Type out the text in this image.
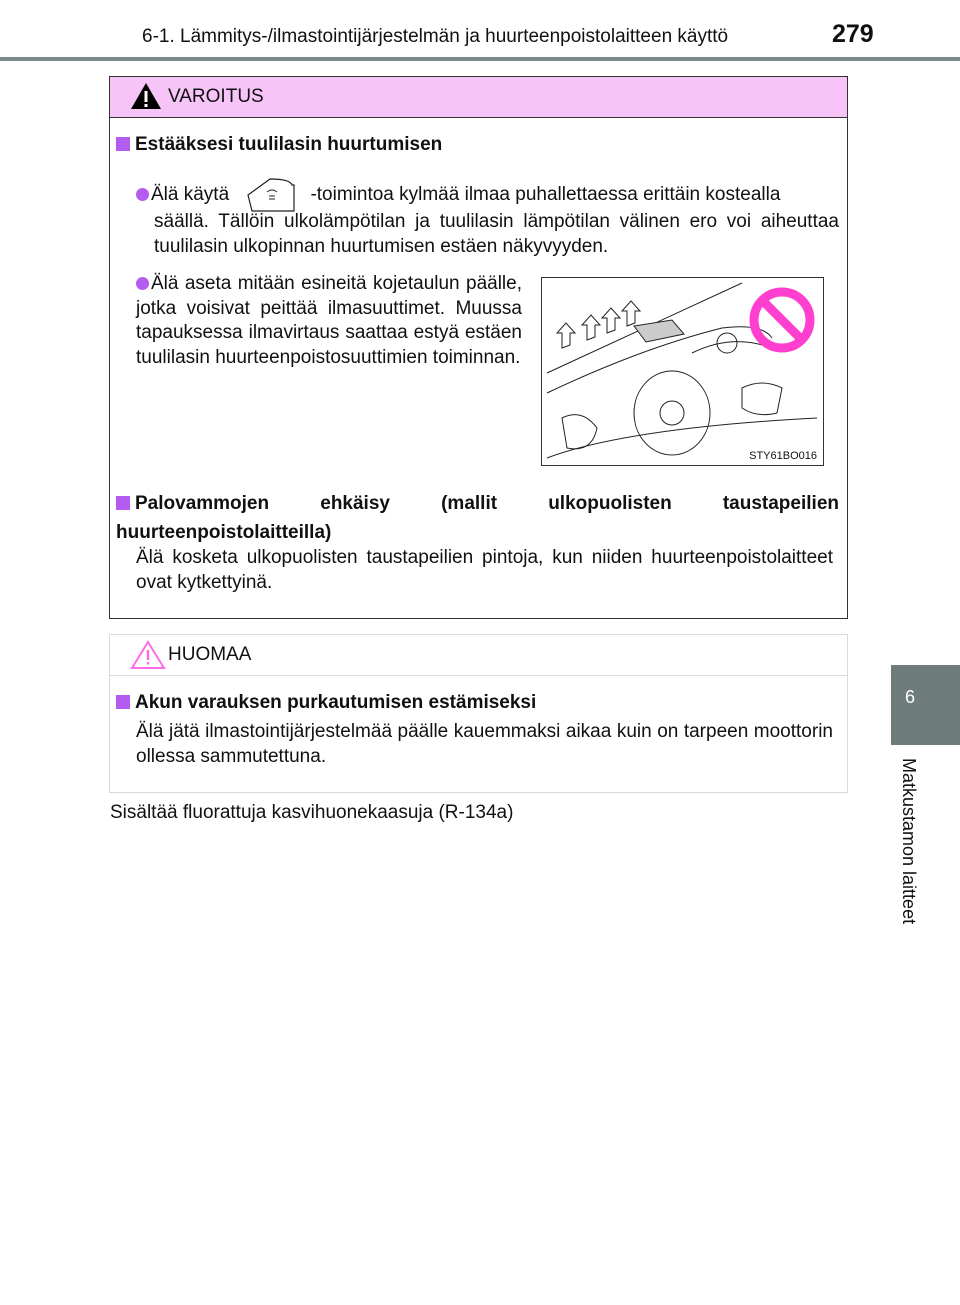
6-1. Lämmitys-/ilmastointijärjestelmän ja huurteenpoistolaitteen käyttö	279
VAROITUS
Estääksesi tuulilasin huurtumisen
Älä käytä	-toimintoa kylmää ilmaa puhallettaessa erittäin kostealla
säällä. Tällöin ulkolämpötilan ja tuulilasin lämpötilan välinen ero voi aiheuttaa tuulilasin ulkopinnan huurtumisen estäen näkyvyyden.
Älä aseta mitään esineitä kojetaulun päälle, jotka voisivat peittää ilmasuuttimet. Muussa tapauksessa ilmavirtaus saattaa estyä estäen tuulilasin huurteenpoistosuuttimien toiminnan.
STY61BO016
Palovammojen ehkäisy (mallit ulkopuolisten taustapeilien huurteenpoistolaitteilla)
Älä kosketa ulkopuolisten taustapeilien pintoja, kun niiden huurteenpoistolaitteet ovat kytkettyinä.
HUOMAA
Akun varauksen purkautumisen estämiseksi
Älä jätä ilmastointijärjestelmää päälle kauemmaksi aikaa kuin on tarpeen moottorin ollessa sammutettuna.
Sisältää fluorattuja kasvihuonekaasuja (R-134a)
6
Matkustamon laitteet
